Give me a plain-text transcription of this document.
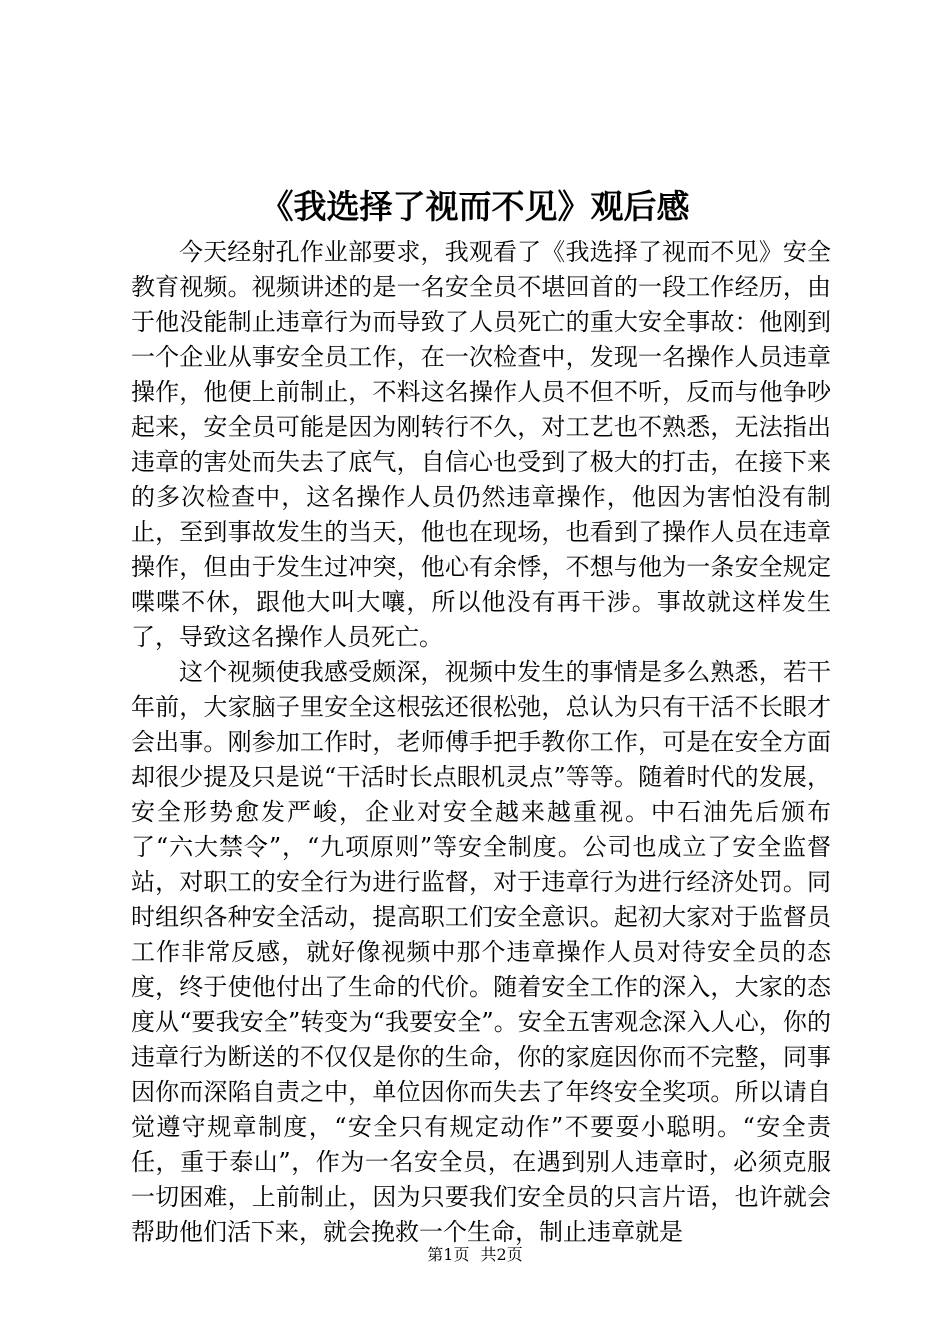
《我选择了视而不见》观后感

今天经射孔作业部要求，我观看了《我选择了视而不见》安全教育视频。视频讲述的是一名安全员不堪回首的一段工作经历，由于他没能制止违章行为而导致了人员死亡的重大安全事故：他刚到一个企业从事安全员工作，在一次检查中，发现一名操作人员违章操作，他便上前制止，不料这名操作人员不但不听，反而与他争吵起来，安全员可能是因为刚转行不久，对工艺也不熟悉，无法指出违章的害处而失去了底气，自信心也受到了极大的打击，在接下来的多次检查中，这名操作人员仍然违章操作，他因为害怕没有制止，至到事故发生的当天，他也在现场，也看到了操作人员在违章操作，但由于发生过冲突，他心有余悸，不想与他为一条安全规定喋喋不休，跟他大叫大嚷，所以他没有再干涉。事故就这样发生了，导致这名操作人员死亡。

这个视频使我感受颇深，视频中发生的事情是多么熟悉，若干年前，大家脑子里安全这根弦还很松弛，总认为只有干活不长眼才会出事。刚参加工作时，老师傅手把手教你工作，可是在安全方面却很少提及只是说“干活时长点眼机灵点”等等。随着时代的发展，安全形势愈发严峻，企业对安全越来越重视。中石油先后颁布了“六大禁令”，“九项原则”等安全制度。公司也成立了安全监督站，对职工的安全行为进行监督，对于违章行为进行经济处罚。同时组织各种安全活动，提高职工们安全意识。起初大家对于监督员工作非常反感，就好像视频中那个违章操作人员对待安全员的态度，终于使他付出了生命的代价。随着安全工作的深入，大家的态度从“要我安全”转变为“我要安全”。安全五害观念深入人心，你的违章行为断送的不仅仅是你的生命，你的家庭因你而不完整，同事因你而深陷自责之中，单位因你而失去了年终安全奖项。所以请自觉遵守规章制度，“安全只有规定动作”不要耍小聪明。“安全责任，重于泰山”，作为一名安全员，在遇到别人违章时，必须克服一切困难，上前制止，因为只要我们安全员的只言片语，也许就会帮助他们活下来，就会挽救一个生命，制止违章就是

第1页 共2页
